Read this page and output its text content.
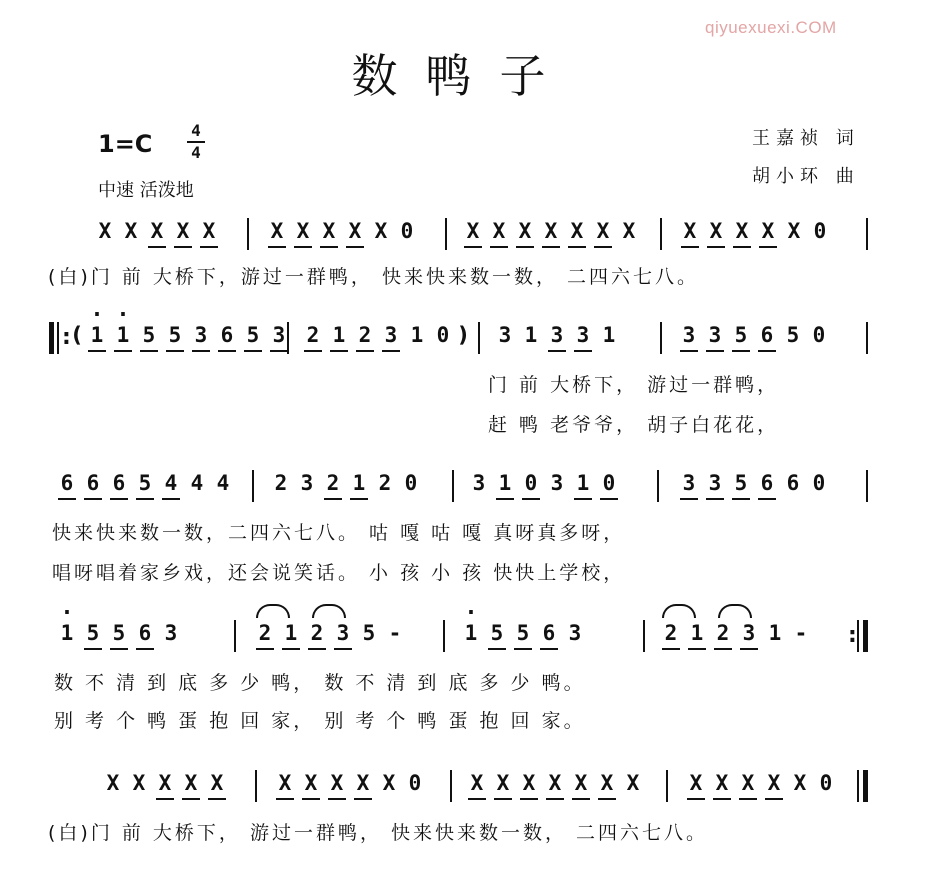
qiyuexuexi.COM
数鸭子
1=C	4
4
中速 活泼地
王嘉祯 词
胡小环 曲
X X X X X	X X X X X 0	X X X X X X X	X X X X X 0
(白)门 前 大桥下，游过一群鸭， 快来快来数一数， 二四六七八。
: ( · 1 · 1 5 5 3 6 5 3	2 1 2 3 1 0 )	3 1 3 3 1	3 3 5 6 5 0
门 前 大桥下， 游过一群鸭，
赶 鸭 老爷爷， 胡子白花花，
6 6 6 5 4 4 4	2 3 2 1 2 0	3 1 0 3 1 0	3 3 5 6 6 0
快来快来数一数，二四六七八。 咕 嘎 咕 嘎 真呀真多呀，
唱呀唱着家乡戏，还会说笑话。 小 孩 小 孩 快快上学校，
· 1 5 5 6 3	2 1 2 3 5 -	· 1 5 5 6 3	2 1 2 3 1 -	:
数 不 清 到 底 多 少 鸭， 数 不 清 到 底 多 少 鸭。
别 考 个 鸭 蛋 抱 回 家， 别 考 个 鸭 蛋 抱 回 家。
X X X X X	X X X X X 0	X X X X X X X	X X X X X 0
(白)门 前 大桥下， 游过一群鸭， 快来快来数一数， 二四六七八。
